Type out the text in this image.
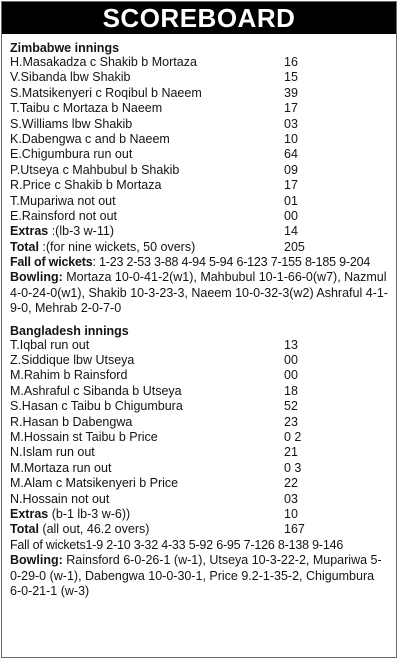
SCOREBOARD
Zimbabwe innings
H.Masakadza c Shakib b Mortaza	16
V.Sibanda lbw Shakib	15
S.Matsikenyeri c Roqibul b Naeem	39
T.Taibu c Mortaza b Naeem	17
S.Williams lbw Shakib	03
K.Dabengwa c and b Naeem	10
E.Chigumbura run out	64
P.Utseya c Mahbubul b Shakib	09
R.Price c Shakib b Mortaza	17
T.Mupariwa not out	01
E.Rainsford not out	00
Extras :(lb-3 w-11)	14
Total :(for nine wickets, 50 overs)	205

Fall of wickets: 1-23 2-53 3-88 4-94 5-94 6-123 7-155 8-185 9-204

Bowling: Mortaza 10-0-41-2(w1), Mahbubul 10-1-66-0(w7), Nazmul 4-0-24-0(w1), Shakib 10-3-23-3, Naeem 10-0-32-3(w2) Ashraful 4-1-9-0, Mehrab 2-0-7-0

Bangladesh innings
T.Iqbal run out	13
Z.Siddique lbw Utseya	00
M.Rahim b Rainsford	00
M.Ashraful c Sibanda b Utseya	18
S.Hasan c Taibu b Chigumbura	52
R.Hasan b Dabengwa	23
M.Hossain st Taibu b Price	0 2
N.Islam run out	21
M.Mortaza run out	0 3
M.Alam c Matsikenyeri b Price	22
N.Hossain not out	03
Extras (b-1 lb-3 w-6))	10
Total (all out, 46.2 overs)	167

Fall of wickets1-9 2-10 3-32 4-33 5-92 6-95 7-126 8-138 9-146

Bowling: Rainsford 6-0-26-1 (w-1), Utseya 10-3-22-2, Mupariwa 5-0-29-0 (w-1), Dabengwa 10-0-30-1, Price 9.2-1-35-2, Chigumbura 6-0-21-1 (w-3)
